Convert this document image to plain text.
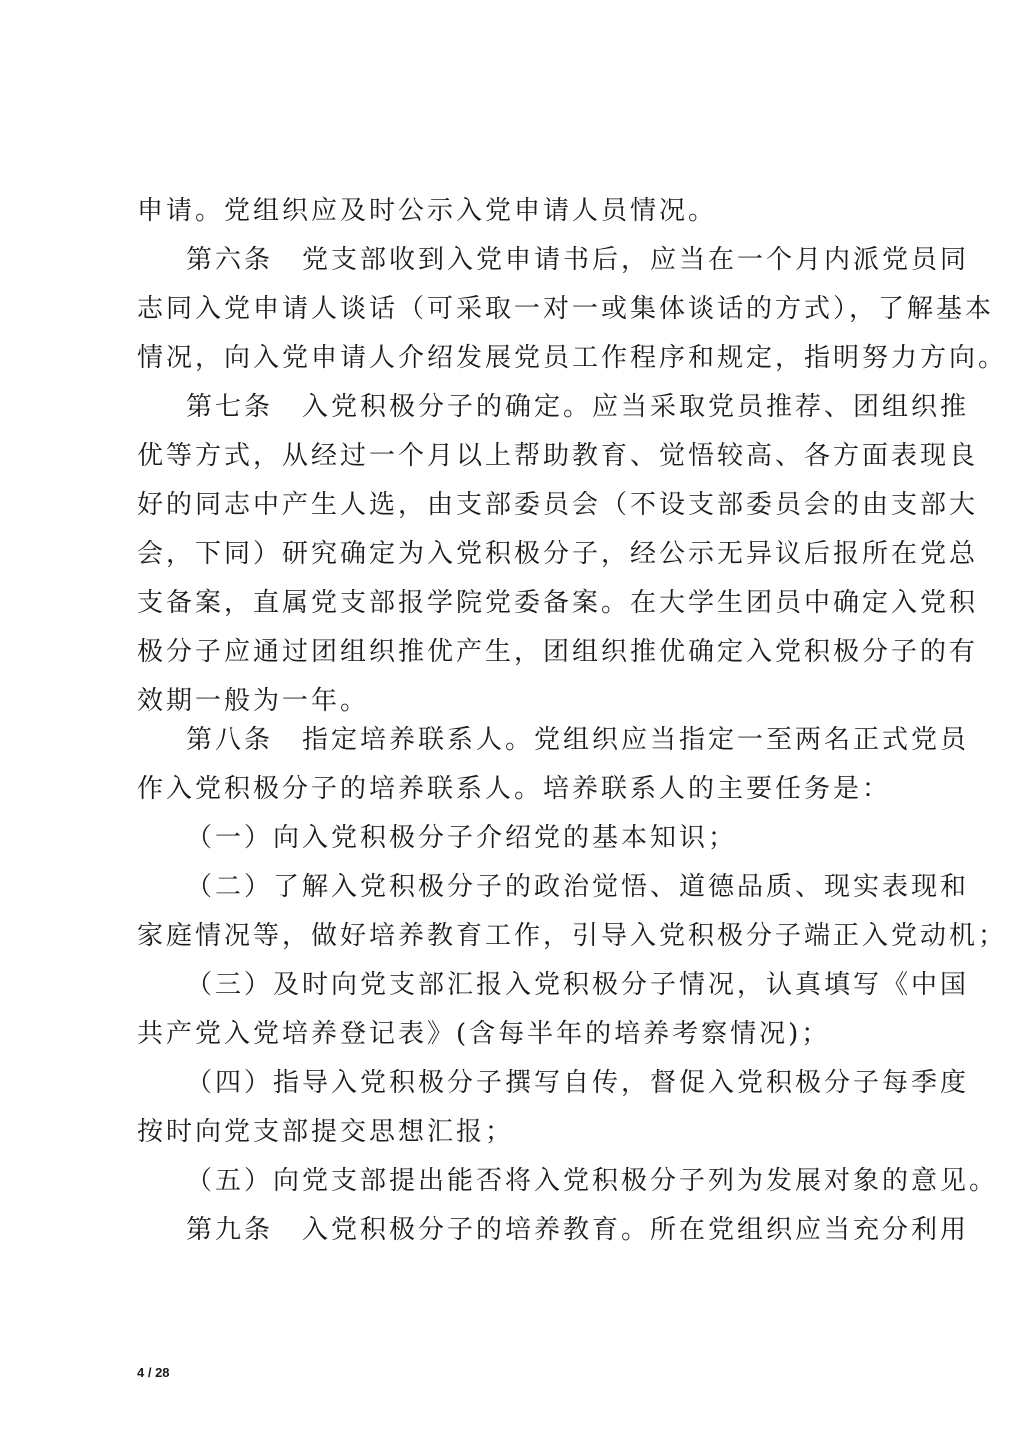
申请。党组织应及时公示入党申请人员情况。
第六条　党支部收到入党申请书后，应当在一个月内派党员同
志同入党申请人谈话（可采取一对一或集体谈话的方式），了解基本
情况，向入党申请人介绍发展党员工作程序和规定，指明努力方向。
第七条　入党积极分子的确定。应当采取党员推荐、团组织推
优等方式，从经过一个月以上帮助教育、觉悟较高、各方面表现良
好的同志中产生人选，由支部委员会（不设支部委员会的由支部大
会，下同）研究确定为入党积极分子，经公示无异议后报所在党总
支备案，直属党支部报学院党委备案。在大学生团员中确定入党积
极分子应通过团组织推优产生，团组织推优确定入党积极分子的有
效期一般为一年。
第八条　指定培养联系人。党组织应当指定一至两名正式党员
作入党积极分子的培养联系人。培养联系人的主要任务是：
（一）向入党积极分子介绍党的基本知识；
（二）了解入党积极分子的政治觉悟、道德品质、现实表现和
家庭情况等，做好培养教育工作，引导入党积极分子端正入党动机；
（三）及时向党支部汇报入党积极分子情况，认真填写《中国
共产党入党培养登记表》(含每半年的培养考察情况)；
（四）指导入党积极分子撰写自传，督促入党积极分子每季度
按时向党支部提交思想汇报；
（五）向党支部提出能否将入党积极分子列为发展对象的意见。
第九条　入党积极分子的培养教育。所在党组织应当充分利用
4 / 28
